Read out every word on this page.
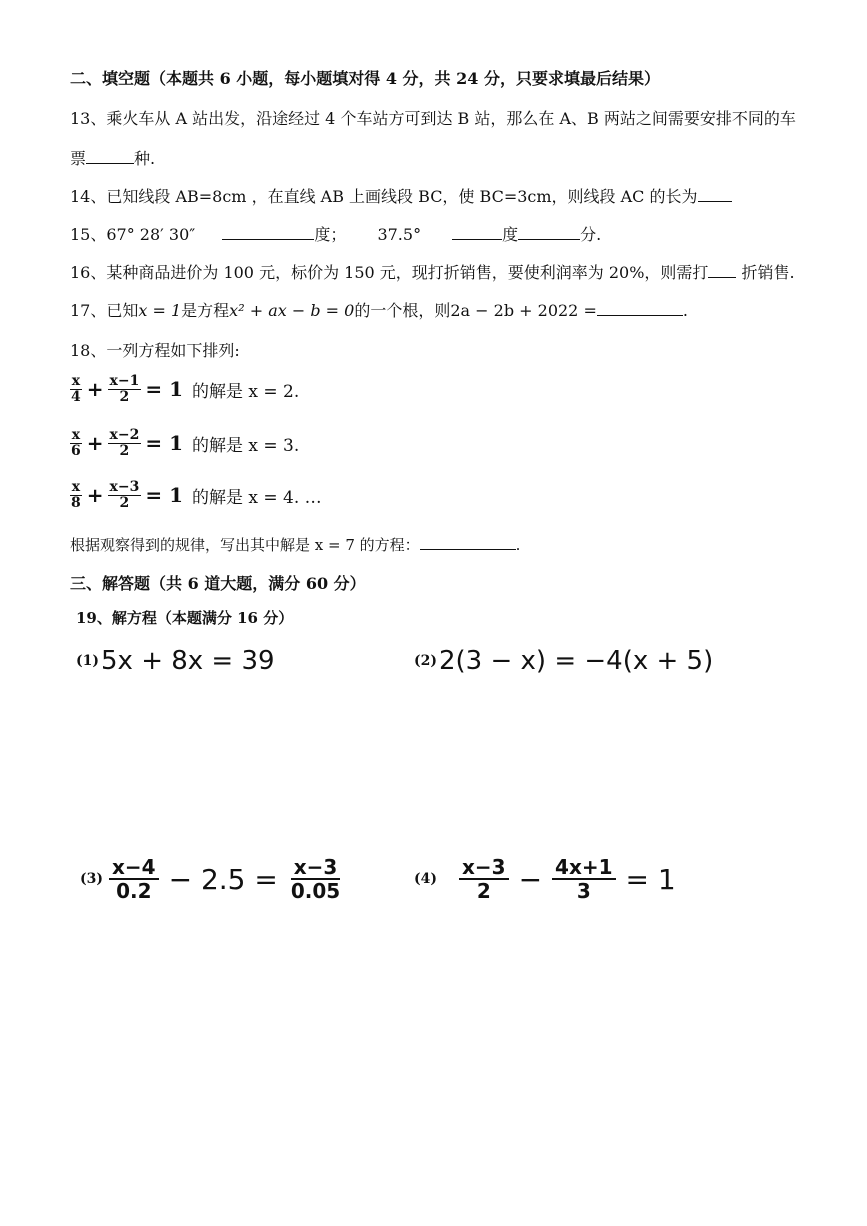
二、填空题（本题共 6 小题，每小题填对得 4 分，共 24 分，只要求填最后结果）
13、乘火车从 A 站出发，沿途经过 4 个车站方可到达 B 站，那么在 A、B 两站之间需要安排不同的车
票	种.
14、已知线段 AB=8cm ，在直线 AB 上画线段 BC，使 BC=3cm，则线段 AC 的长为
15、67° 28′ 30″	度； 37.5°	度	分.
16、某种商品进价为 100 元，标价为 150 元，现打折销售，要使利润率为 20%，则需打 折销售.
17、已知x = 1是方程x² + ax − b = 0的一个根，则2a − 2b + 2022 =	.
18、一列方程如下排列:
$\frac{x}{4} + \frac{x-1}{2} = 1$ 的解是 x = 2.
$\frac{x}{6} + \frac{x-2}{2} = 1$ 的解是 x = 3.
$\frac{x}{8} + \frac{x-3}{2} = 1$ 的解是 x = 4. …
根据观察得到的规律，写出其中解是 x = 7 的方程：	.
三、解答题（共 6 道大题，满分 60 分）
19、解方程（本题满分 16 分）
(1) 5x + 8x = 39	(2) 2(3 − x) = −4(x + 5)
$(3) \frac{x-4}{0.2} - 2.5 = \frac{x-3}{0.05}$	$(4) \frac{x-3}{2} - \frac{4x+1}{3} = 1$
